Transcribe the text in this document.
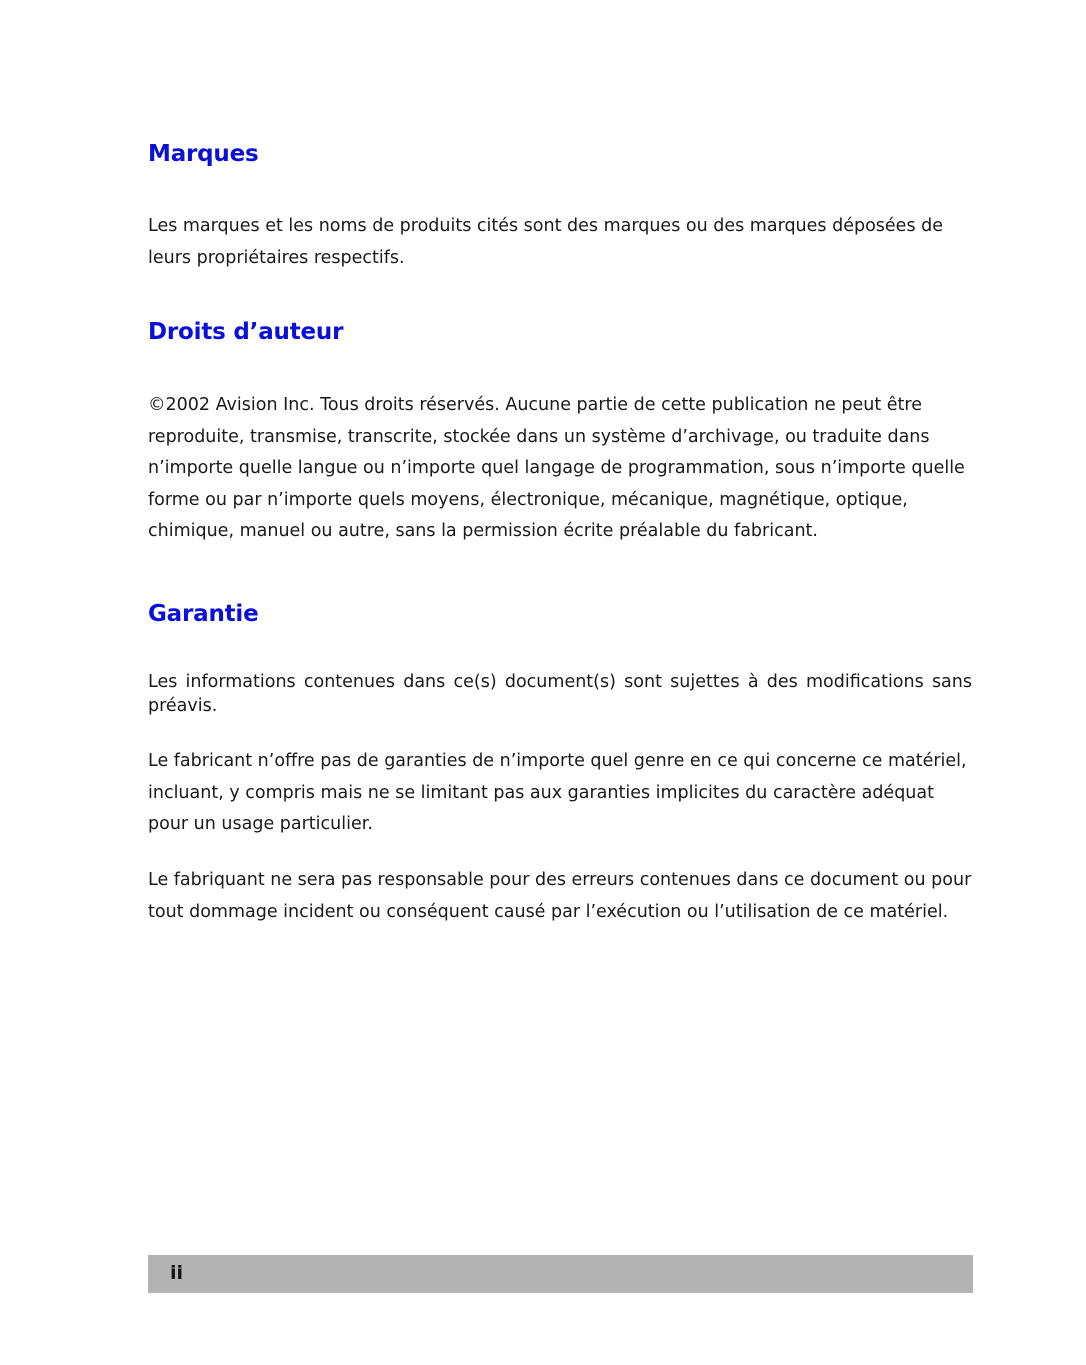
Marques

Les marques et les noms de produits cités sont des marques ou des marques déposées de leurs propriétaires respectifs.

Droits d’auteur

©2002 Avision Inc. Tous droits réservés. Aucune partie de cette publication ne peut être reproduite, transmise, transcrite, stockée dans un système d’archivage, ou traduite dans n’importe quelle langue ou n’importe quel langage de programmation, sous n’importe quelle forme ou par n’importe quels moyens, électronique, mécanique, magnétique, optique, chimique, manuel ou autre, sans la permission écrite préalable du fabricant.

Garantie

Les informations contenues dans ce(s) document(s) sont sujettes à des modifications sans préavis.

Le fabricant n’offre pas de garanties de n’importe quel genre en ce qui concerne ce matériel, incluant, y compris mais ne se limitant pas aux garanties implicites du caractère adéquat pour un usage particulier.

Le fabriquant ne sera pas responsable pour des erreurs contenues dans ce document ou pour tout dommage incident ou conséquent causé par l’exécution ou l’utilisation de ce matériel.

ii
